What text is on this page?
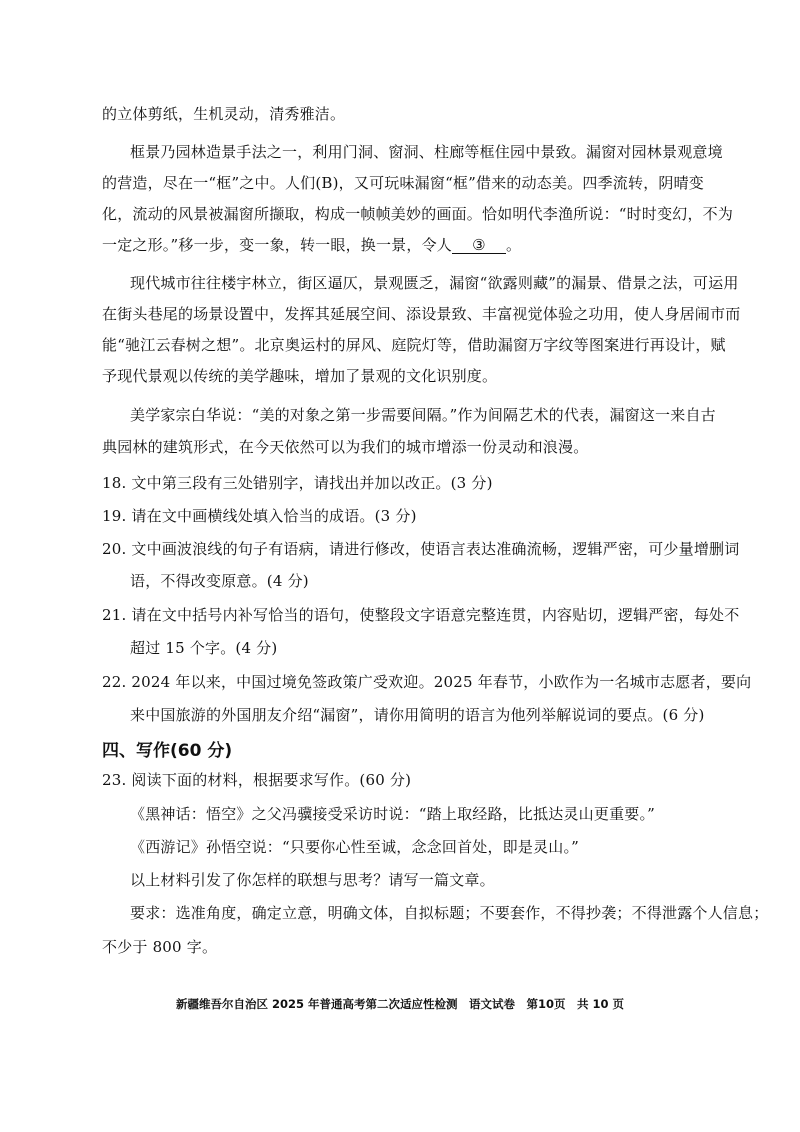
的立体剪纸，生机灵动，清秀雅洁。
框景乃园林造景手法之一，利用门洞、窗洞、柱廊等框住园中景致。漏窗对园林景观意境
的营造，尽在一“框”之中。人们(B)，又可玩味漏窗“框”借来的动态美。四季流转，阴晴变
化，流动的风景被漏窗所撷取，构成一帧帧美妙的画面。恰如明代李渔所说：“时时变幻，不为
一定之形。”移一步，变一象，转一眼，换一景，令人 ③ 。
现代城市往往楼宇林立，街区逼仄，景观匮乏，漏窗“欲露则藏”的漏景、借景之法，可运用
在街头巷尾的场景设置中，发挥其延展空间、添设景致、丰富视觉体验之功用，使人身居闹市而
能“驰江云春树之想”。北京奥运村的屏风、庭院灯等，借助漏窗万字纹等图案进行再设计，赋
予现代景观以传统的美学趣味，增加了景观的文化识别度。
美学家宗白华说：“美的对象之第一步需要间隔。”作为间隔艺术的代表，漏窗这一来自古
典园林的建筑形式，在今天依然可以为我们的城市增添一份灵动和浪漫。
18. 文中第三段有三处错别字，请找出并加以改正。(3 分)
19. 请在文中画横线处填入恰当的成语。(3 分)
20. 文中画波浪线的句子有语病，请进行修改，使语言表达准确流畅，逻辑严密，可少量增删词
语，不得改变原意。(4 分)
21. 请在文中括号内补写恰当的语句，使整段文字语意完整连贯，内容贴切，逻辑严密，每处不
超过 15 个字。(4 分)
22. 2024 年以来，中国过境免签政策广受欢迎。2025 年春节，小欧作为一名城市志愿者，要向
来中国旅游的外国朋友介绍“漏窗”，请你用简明的语言为他列举解说词的要点。(6 分)
四、写作(60 分)
23. 阅读下面的材料，根据要求写作。(60 分)
《黑神话：悟空》之父冯骥接受采访时说：“踏上取经路，比抵达灵山更重要。”
《西游记》孙悟空说：“只要你心性至诚，念念回首处，即是灵山。”
以上材料引发了你怎样的联想与思考？请写一篇文章。
要求：选准角度，确定立意，明确文体，自拟标题；不要套作，不得抄袭；不得泄露个人信息；
不少于 800 字。
新疆维吾尔自治区 2025 年普通高考第二次适应性检测　语文试卷　第10页　共 10 页
